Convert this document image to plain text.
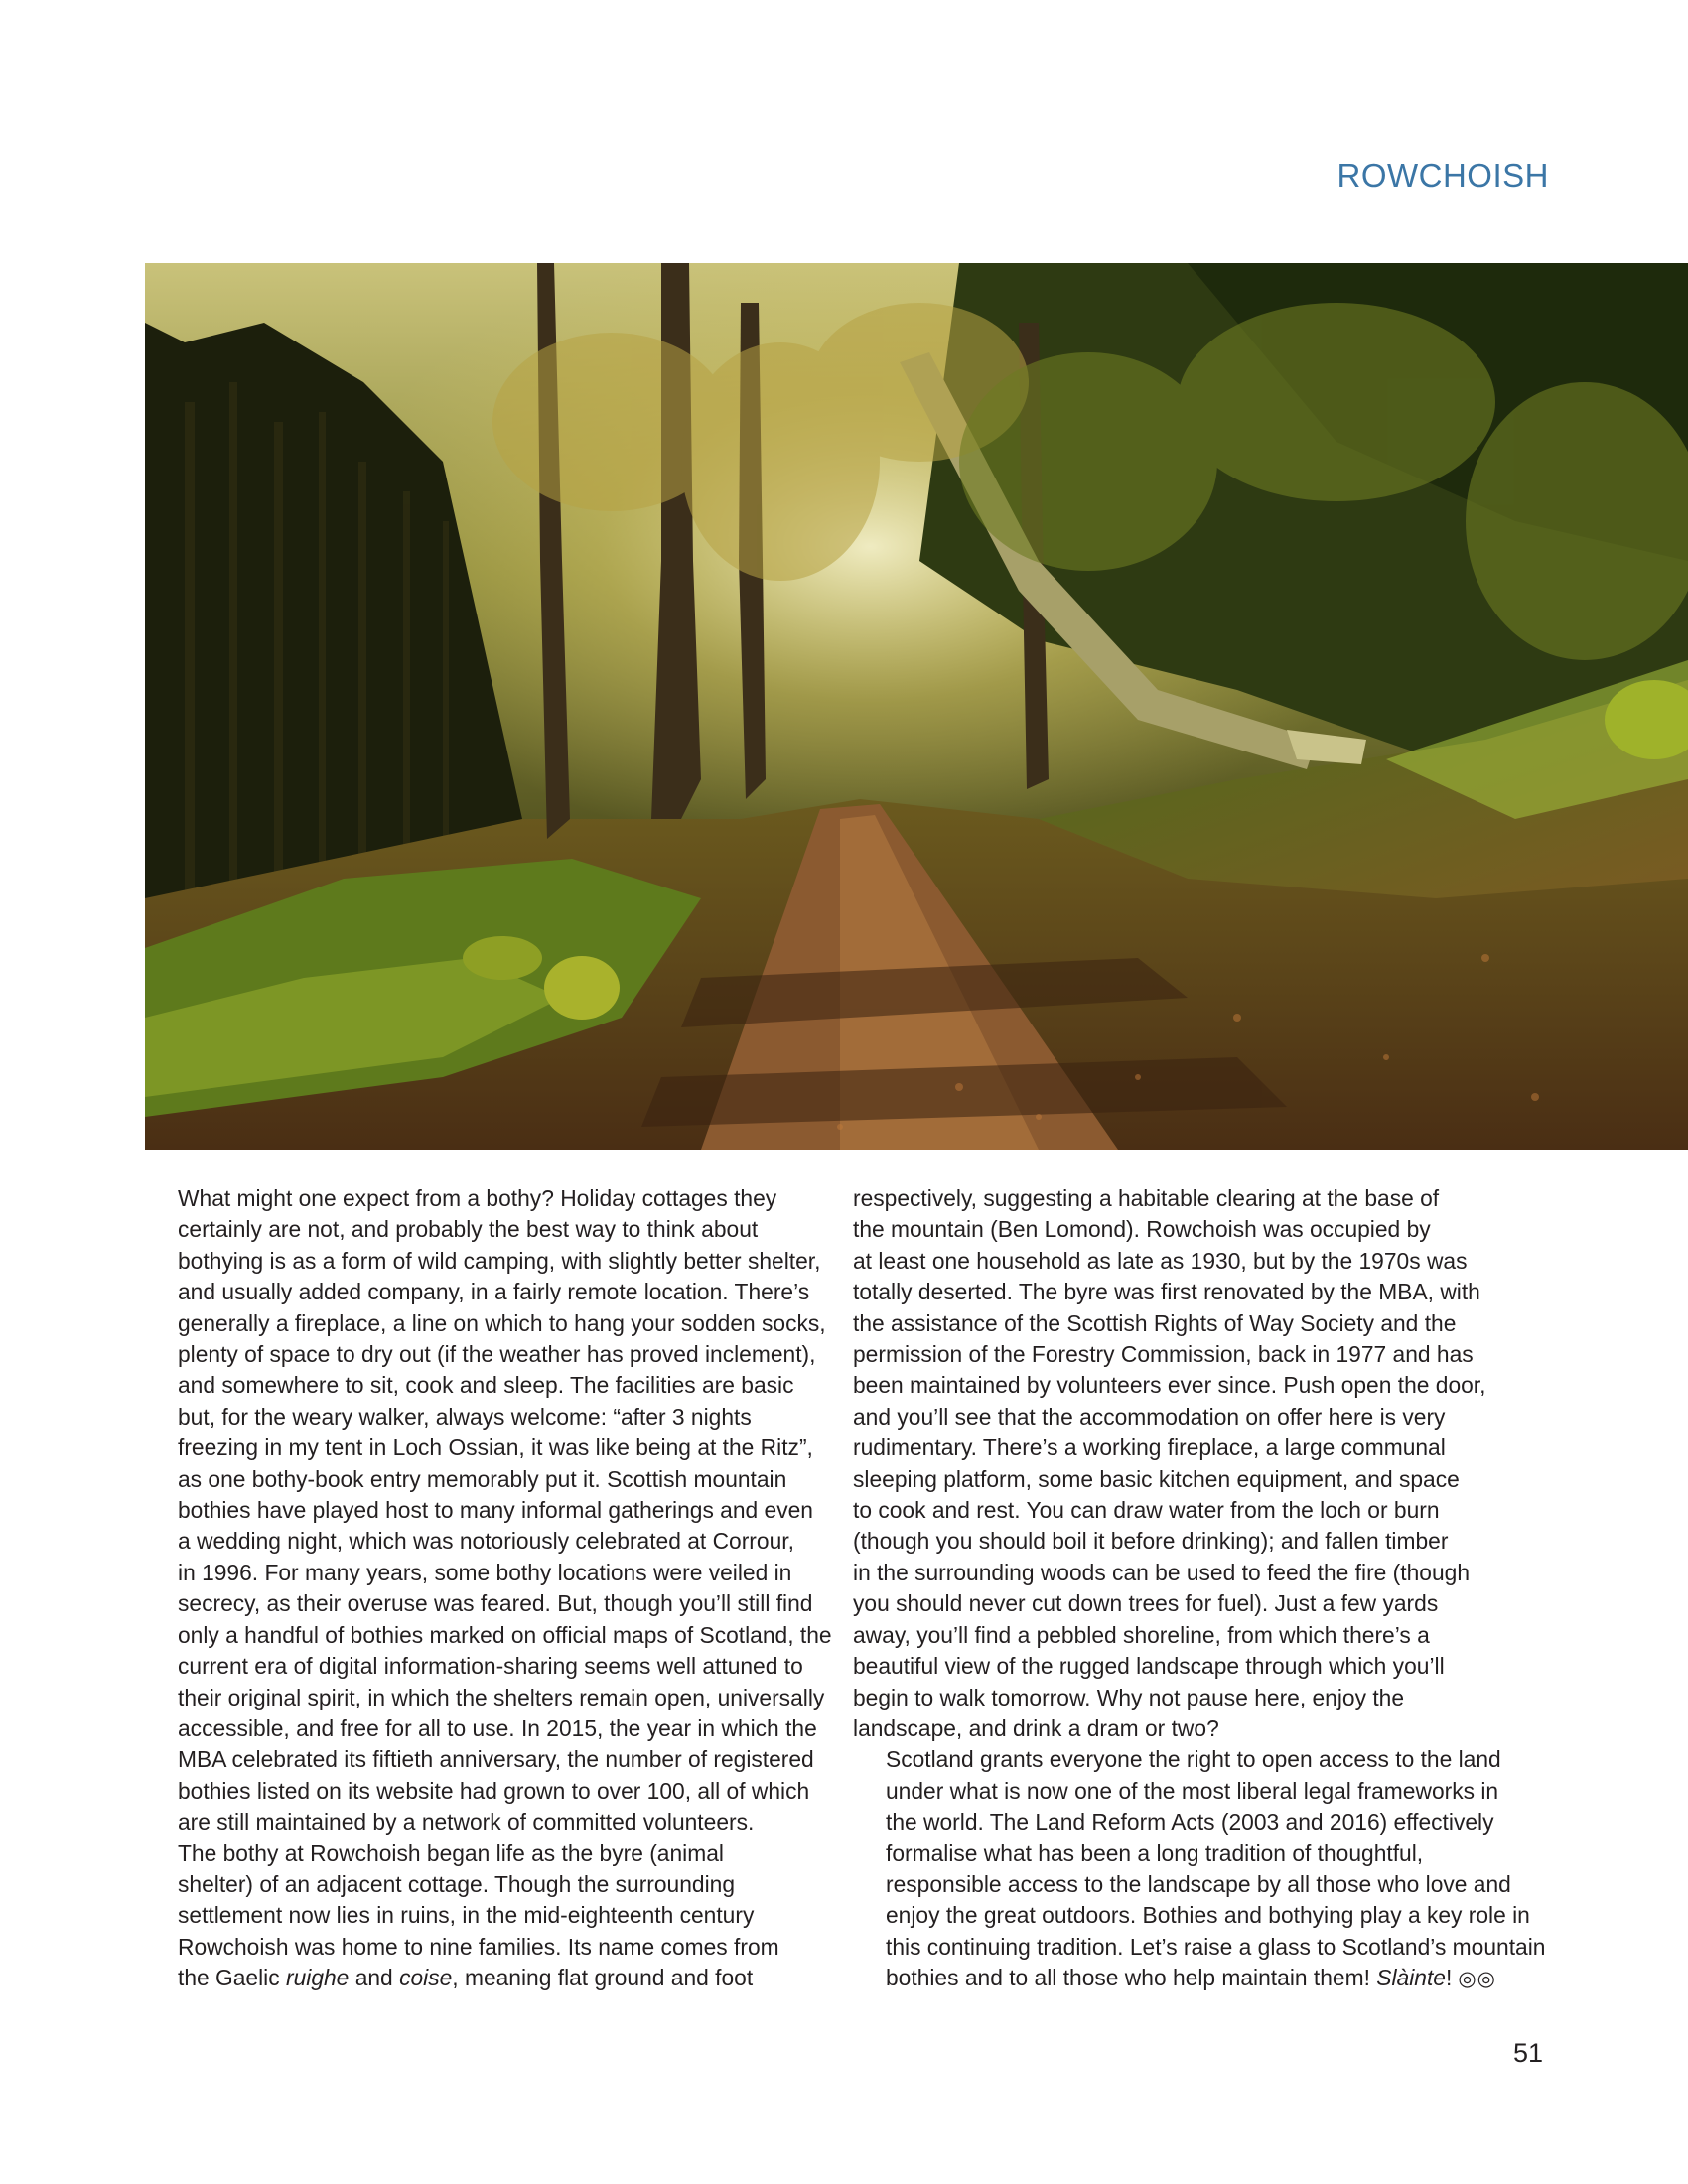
ROWCHOISH

What might one expect from a bothy? Holiday cottages they
certainly are not, and probably the best way to think about
bothying is as a form of wild camping, with slightly better shelter,
and usually added company, in a fairly remote location. There’s
generally a fireplace, a line on which to hang your sodden socks,
plenty of space to dry out (if the weather has proved inclement),
and somewhere to sit, cook and sleep. The facilities are basic
but, for the weary walker, always welcome: “after 3 nights
freezing in my tent in Loch Ossian, it was like being at the Ritz”,
as one bothy-book entry memorably put it. Scottish mountain
bothies have played host to many informal gatherings and even
a wedding night, which was notoriously celebrated at Corrour,
in 1996. For many years, some bothy locations were veiled in
secrecy, as their overuse was feared. But, though you’ll still find
only a handful of bothies marked on official maps of Scotland, the
current era of digital information-sharing seems well attuned to
their original spirit, in which the shelters remain open, universally
accessible, and free for all to use. In 2015, the year in which the
MBA celebrated its fiftieth anniversary, the number of registered
bothies listed on its website had grown to over 100, all of which
are still maintained by a network of committed volunteers.

The bothy at Rowchoish began life as the byre (animal
shelter) of an adjacent cottage. Though the surrounding
settlement now lies in ruins, in the mid-eighteenth century
Rowchoish was home to nine families. Its name comes from
the Gaelic ruighe and coise, meaning flat ground and foot

respectively, suggesting a habitable clearing at the base of
the mountain (Ben Lomond). Rowchoish was occupied by
at least one household as late as 1930, but by the 1970s was
totally deserted. The byre was first renovated by the MBA, with
the assistance of the Scottish Rights of Way Society and the
permission of the Forestry Commission, back in 1977 and has
been maintained by volunteers ever since. Push open the door,
and you’ll see that the accommodation on offer here is very
rudimentary. There’s a working fireplace, a large communal
sleeping platform, some basic kitchen equipment, and space
to cook and rest. You can draw water from the loch or burn
(though you should boil it before drinking); and fallen timber
in the surrounding woods can be used to feed the fire (though
you should never cut down trees for fuel). Just a few yards
away, you’ll find a pebbled shoreline, from which there’s a
beautiful view of the rugged landscape through which you’ll
begin to walk tomorrow. Why not pause here, enjoy the
landscape, and drink a dram or two?

Scotland grants everyone the right to open access to the land
under what is now one of the most liberal legal frameworks in
the world. The Land Reform Acts (2003 and 2016) effectively
formalise what has been a long tradition of thoughtful,
responsible access to the landscape by all those who love and
enjoy the great outdoors. Bothies and bothying play a key role in
this continuing tradition. Let’s raise a glass to Scotland’s mountain
bothies and to all those who help maintain them! Slàinte! ◎◎

51
